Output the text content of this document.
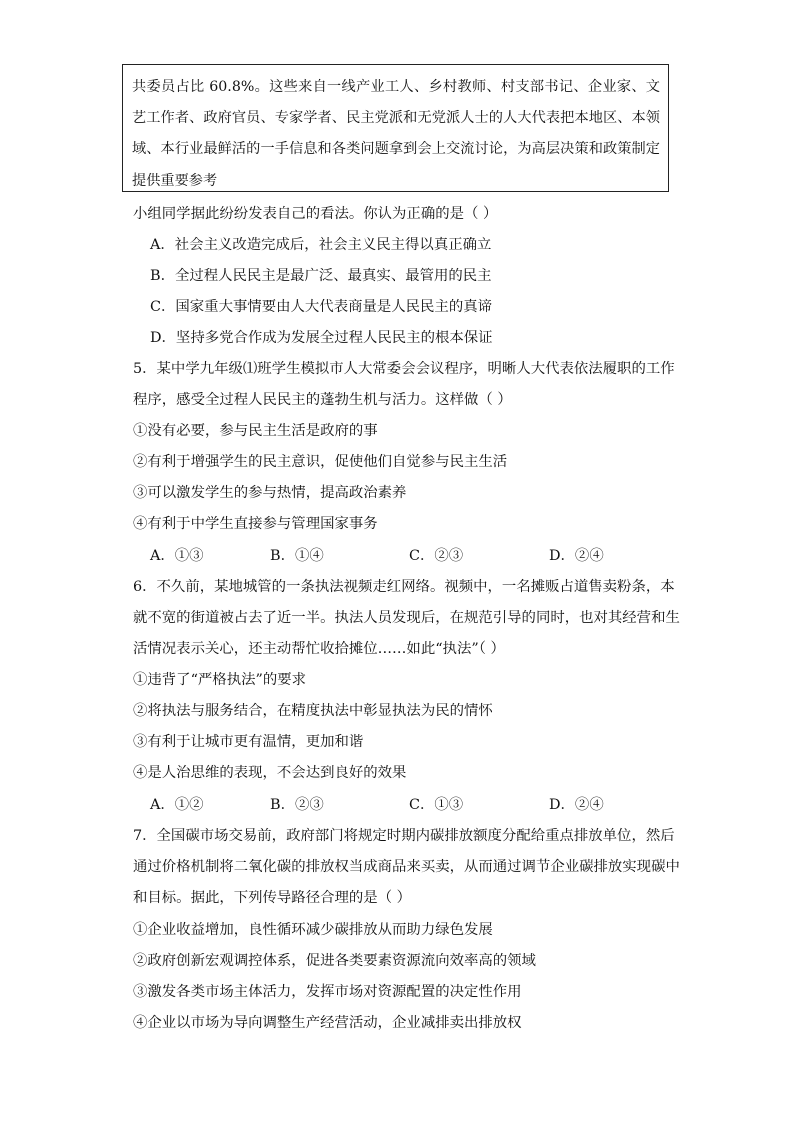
共委员占比 60.8%。这些来自一线产业工人、乡村教师、村支部书记、企业家、文艺工作者、政府官员、专家学者、民主党派和无党派人士的人大代表把本地区、本领域、本行业最鲜活的一手信息和各类问题拿到会上交流讨论，为高层决策和政策制定提供重要参考

小组同学据此纷纷发表自己的看法。你认为正确的是（ ）
A．社会主义改造完成后，社会主义民主得以真正确立
B．全过程人民民主是最广泛、最真实、最管用的民主
C．国家重大事情要由人大代表商量是人民民主的真谛
D．坚持多党合作成为发展全过程人民民主的根本保证
5．某中学九年级⑴班学生模拟市人大常委会会议程序，明晰人大代表依法履职的工作
程序，感受全过程人民民主的蓬勃生机与活力。这样做（ ）
①没有必要，参与民主生活是政府的事
②有利于增强学生的民主意识，促使他们自觉参与民主生活
③可以激发学生的参与热情，提高政治素养
④有利于中学生直接参与管理国家事务
A．①③	B．①④	C．②③	D．②④
6．不久前，某地城管的一条执法视频走红网络。视频中，一名摊贩占道售卖粉条，本
就不宽的街道被占去了近一半。执法人员发现后，在规范引导的同时，也对其经营和生
活情况表示关心，还主动帮忙收拾摊位……如此“执法”（ ）
①违背了“严格执法”的要求
②将执法与服务结合，在精度执法中彰显执法为民的情怀
③有利于让城市更有温情，更加和谐
④是人治思维的表现，不会达到良好的效果
A．①②	B．②③	C．①③	D．②④
7．全国碳市场交易前，政府部门将规定时期内碳排放额度分配给重点排放单位，然后
通过价格机制将二氧化碳的排放权当成商品来买卖，从而通过调节企业碳排放实现碳中
和目标。据此，下列传导路径合理的是（ ）
①企业收益增加，良性循环减少碳排放从而助力绿色发展
②政府创新宏观调控体系，促进各类要素资源流向效率高的领域
③激发各类市场主体活力，发挥市场对资源配置的决定性作用
④企业以市场为导向调整生产经营活动，企业减排卖出排放权
